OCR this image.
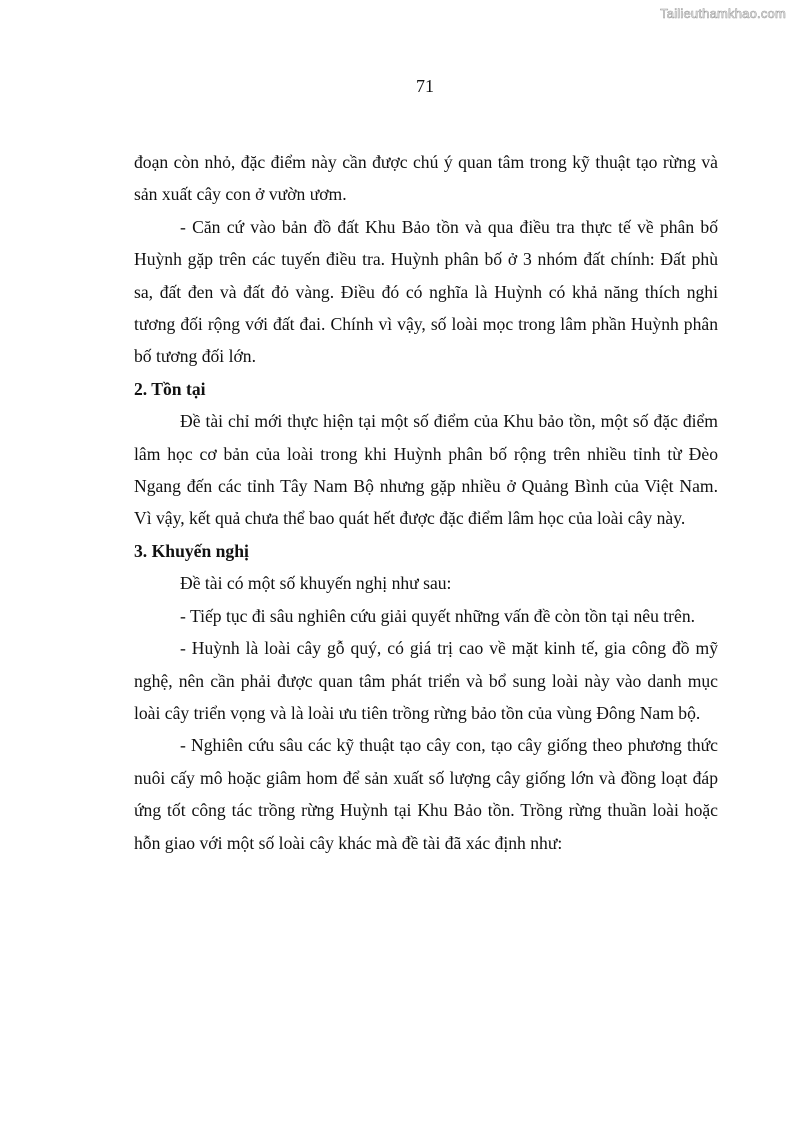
Tailieuthamkhao.com
71

đoạn còn nhỏ, đặc điểm này cần được chú ý quan tâm trong kỹ thuật tạo rừng và sản xuất cây con ở vườn ươm.

- Căn cứ vào bản đồ đất Khu Bảo tồn và qua điều tra thực tế về phân bố Huỳnh gặp trên các tuyến điều tra. Huỳnh phân bố ở 3 nhóm đất chính: Đất phù sa, đất đen và đất đỏ vàng. Điều đó có nghĩa là Huỳnh có khả năng thích nghi tương đối rộng với đất đai. Chính vì vậy, số loài mọc trong lâm phần Huỳnh phân bố tương đối lớn.

2. Tồn tại

Đề tài chỉ mới thực hiện tại một số điểm của Khu bảo tồn, một số đặc điểm lâm học cơ bản của loài trong khi Huỳnh phân bố rộng trên nhiều tỉnh từ Đèo Ngang đến các tỉnh Tây Nam Bộ nhưng gặp nhiều ở Quảng Bình của Việt Nam. Vì vậy, kết quả chưa thể bao quát hết được đặc điểm lâm học của loài cây này.

3. Khuyến nghị

Đề tài có một số khuyến nghị như sau:

- Tiếp tục đi sâu nghiên cứu giải quyết những vấn đề còn tồn tại nêu trên.

- Huỳnh là loài cây gỗ quý, có giá trị cao về mặt kinh tế, gia công đồ mỹ nghệ, nên cần phải được quan tâm phát triển và bổ sung loài này vào danh mục loài cây triển vọng và là loài ưu tiên trồng rừng bảo tồn của vùng Đông Nam bộ.

- Nghiên cứu sâu các kỹ thuật tạo cây con, tạo cây giống theo phương thức nuôi cấy mô hoặc giâm hom để sản xuất số lượng cây giống lớn và đồng loạt đáp ứng tốt công tác trồng rừng Huỳnh tại Khu Bảo tồn. Trồng rừng thuần loài hoặc hỗn giao với một số loài cây khác mà đề tài đã xác định như:
